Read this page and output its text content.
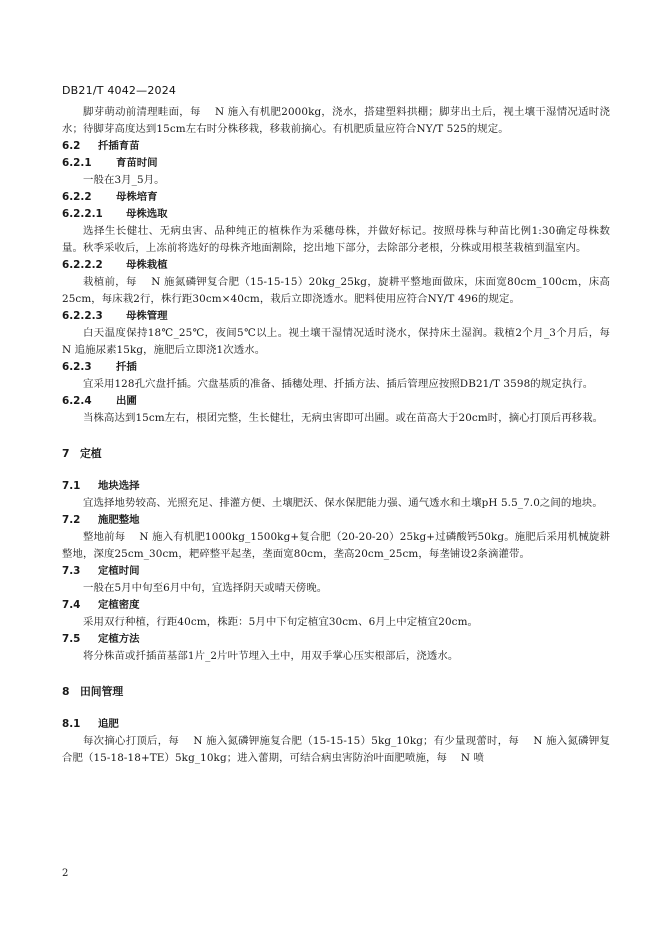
DB21/T 4042—2024
脚芽萌动前清理畦面，每　 N 施入有机肥2000kg，浇水，搭建塑料拱棚；脚芽出土后，视土壤干湿情况适时浇水；待脚芽高度达到15cm左右时分株移栽，移栽前摘心。有机肥质量应符合NY/T 525的规定。
6.2 扦插育苗
6.2.1 育苗时间
一般在3月_5月。
6.2.2 母株培育
6.2.2.1 母株选取
选择生长健壮、无病虫害、品种纯正的植株作为采穗母株，并做好标记。按照母株与种苗比例1:30确定母株数量。秋季采收后，上冻前将选好的母株齐地面割除，挖出地下部分，去除部分老根，分株或用根茎栽植到温室内。
6.2.2.2 母株栽植
栽植前，每　 N 施氮磷钾复合肥（15-15-15）20kg_25kg，旋耕平整地面做床，床面宽80cm_100cm，床高25cm，每床栽2行，株行距30cm×40cm，栽后立即浇透水。肥料使用应符合NY/T 496的规定。
6.2.2.3 母株管理
白天温度保持18℃_25℃，夜间5℃以上。视土壤干湿情况适时浇水，保持床土湿润。栽植2个月_3个月后，每　 N 追施尿素15kg，施肥后立即浇1次透水。
6.2.3 扦插
宜采用128孔穴盘扦插。穴盘基质的准备、插穗处理、扦插方法、插后管理应按照DB21/T 3598的规定执行。
6.2.4 出圃
当株高达到15cm左右，根团完整，生长健壮，无病虫害即可出圃。或在苗高大于20cm时，摘心打顶后再移栽。
7 定植
7.1 地块选择
宜选择地势较高、光照充足、排灌方便、土壤肥沃、保水保肥能力强、通气透水和土壤pH 5.5_7.0之间的地块。
7.2 施肥整地
整地前每　 N 施入有机肥1000kg_1500kg+复合肥（20-20-20）25kg+过磷酸钙50kg。施肥后采用机械旋耕整地，深度25cm_30cm，耙碎整平起垄，垄面宽80cm，垄高20cm_25cm，每垄铺设2条滴灌带。
7.3 定植时间
一般在5月中旬至6月中旬，宜选择阴天或晴天傍晚。
7.4 定植密度
采用双行种植，行距40cm，株距：5月中下旬定植宜30cm、6月上中定植宜20cm。
7.5 定植方法
将分株苗或扦插苗基部1片_2片叶节埋入土中，用双手掌心压实根部后，浇透水。
8 田间管理
8.1 追肥
每次摘心打顶后，每　 N 施入氮磷钾施复合肥（15-15-15）5kg_10kg；有少量现蕾时，每　 N 施入氮磷钾复合肥（15-18-18+TE）5kg_10kg；进入蕾期，可结合病虫害防治叶面肥喷施，每　 N 喷
2
